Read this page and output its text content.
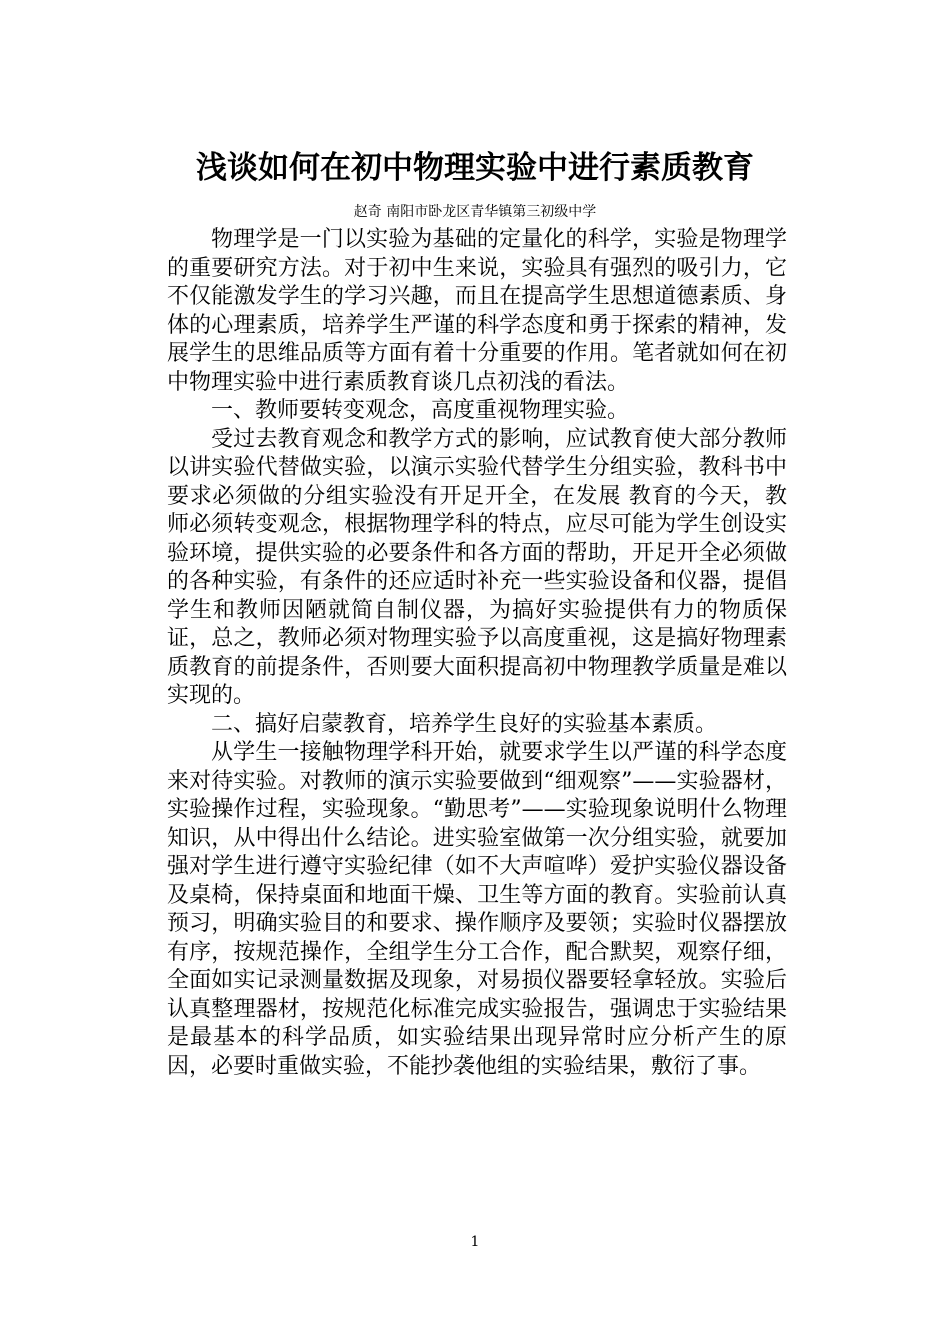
浅谈如何在初中物理实验中进行素质教育
赵奇 南阳市卧龙区青华镇第三初级中学

物理学是一门以实验为基础的定量化的科学，实验是物理学的重要研究方法。对于初中生来说，实验具有强烈的吸引力，它不仅能激发学生的学习兴趣，而且在提高学生思想道德素质、身体的心理素质，培养学生严谨的科学态度和勇于探索的精神，发展学生的思维品质等方面有着十分重要的作用。笔者就如何在初中物理实验中进行素质教育谈几点初浅的看法。

一、教师要转变观念，高度重视物理实验。

受过去教育观念和教学方式的影响，应试教育使大部分教师以讲实验代替做实验，以演示实验代替学生分组实验，教科书中要求必须做的分组实验没有开足开全，在发展 教育的今天，教师必须转变观念，根据物理学科的特点，应尽可能为学生创设实验环境，提供实验的必要条件和各方面的帮助，开足开全必须做的各种实验，有条件的还应适时补充一些实验设备和仪器，提倡学生和教师因陋就简自制仪器，为搞好实验提供有力的物质保证，总之，教师必须对物理实验予以高度重视，这是搞好物理素质教育的前提条件，否则要大面积提高初中物理教学质量是难以实现的。

二、搞好启蒙教育，培养学生良好的实验基本素质。

从学生一接触物理学科开始，就要求学生以严谨的科学态度来对待实验。对教师的演示实验要做到“细观察”——实验器材，实验操作过程，实验现象。“勤思考”——实验现象说明什么物理知识，从中得出什么结论。进实验室做第一次分组实验，就要加强对学生进行遵守实验纪律（如不大声喧哗）爱护实验仪器设备及桌椅，保持桌面和地面干燥、卫生等方面的教育。实验前认真预习，明确实验目的和要求、操作顺序及要领；实验时仪器摆放有序，按规范操作，全组学生分工合作，配合默契，观察仔细，全面如实记录测量数据及现象，对易损仪器要轻拿轻放。实验后认真整理器材，按规范化标准完成实验报告，强调忠于实验结果是最基本的科学品质，如实验结果出现异常时应分析产生的原因，必要时重做实验，不能抄袭他组的实验结果，敷衍了事。

1
